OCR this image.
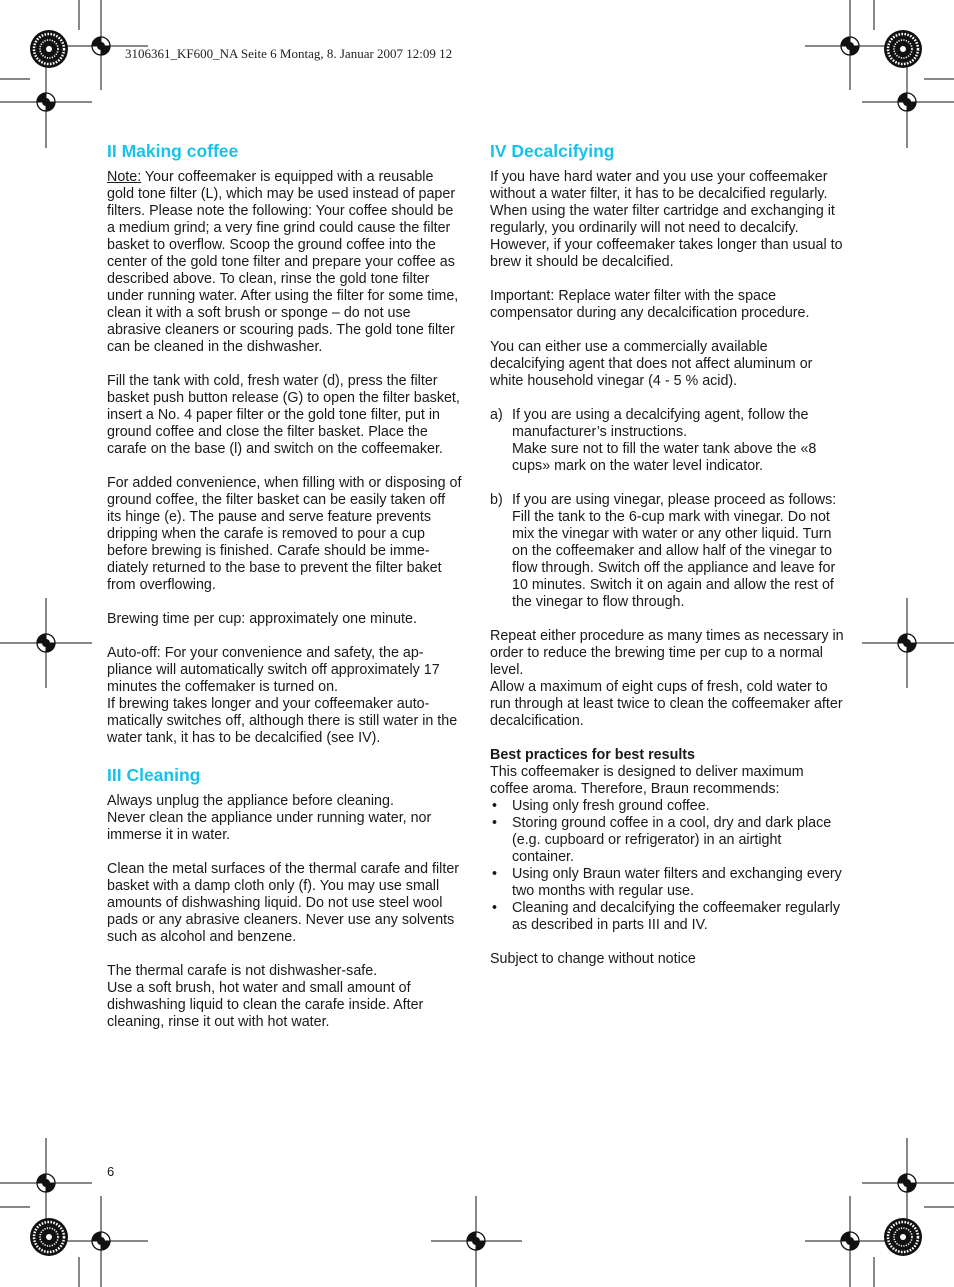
3106361_KF600_NA Seite 6 Montag, 8. Januar 2007 12:09 12
II Making coffee

Note: Your coffeemaker is equipped with a reusable gold tone filter (L), which may be used instead of paper filters. Please note the following: Your coffee should be a medium grind; a very fine grind could cause the filter basket to overflow. Scoop the ground coffee into the center of the gold tone filter and prepare your coffee as described above. To clean, rinse the gold tone filter under running water. After using the filter for some time, clean it with a soft brush or sponge – do not use abrasive cleaners or scouring pads. The gold tone filter can be cleaned in the dishwasher.

Fill the tank with cold, fresh water (d), press the filter basket push button release (G) to open the filter basket, insert a No. 4 paper filter or the gold tone filter, put in ground coffee and close the filter basket. Place the carafe on the base (l) and switch on the coffeemaker.

For added convenience, when filling with or disposing of ground coffee, the filter basket can be easily taken off its hinge (e). The pause and serve feature prevents dripping when the carafe is removed to pour a cup before brewing is finished. Carafe should be imme-diately returned to the base to prevent the filter baket from overflowing.

Brewing time per cup: approximately one minute.

Auto-off: For your convenience and safety, the ap-pliance will automatically switch off approximately 17 minutes the coffemaker is turned on.

If brewing takes longer and your coffeemaker auto-matically switches off, although there is still water in the water tank, it has to be decalcified (see IV).

III Cleaning

Always unplug the appliance before cleaning.

Never clean the appliance under running water, nor immerse it in water.

Clean the metal surfaces of the thermal carafe and filter basket with a damp cloth only (f). You may use small amounts of dishwashing liquid. Do not use steel wool pads or any abrasive cleaners. Never use any solvents such as alcohol and benzene.

The thermal carafe is not dishwasher-safe.

Use a soft brush, hot water and small amount of dishwashing liquid to clean the carafe inside. After cleaning, rinse it out with hot water.

IV Decalcifying

If you have hard water and you use your coffeemaker without a water filter, it has to be decalcified regularly. When using the water filter cartridge and exchanging it regularly, you ordinarily will not need to decalcify. However, if your coffeemaker takes longer than usual to brew it should be decalcified.

Important: Replace water filter with the space compensator during any decalcification procedure.

You can either use a commercially available decalcifying agent that does not affect aluminum or white household vinegar (4 - 5 % acid).

a) If you are using a decalcifying agent, follow the manufacturer’s instructions.
Make sure not to fill the water tank above the «8 cups» mark on the water level indicator.
b) If you are using vinegar, please proceed as follows:
Fill the tank to the 6-cup mark with vinegar. Do not mix the vinegar with water or any other liquid. Turn on the coffeemaker and allow half of the vinegar to flow through. Switch off the appliance and leave for 10 minutes. Switch it on again and allow the rest of the vinegar to flow through.

Repeat either procedure as many times as necessary in order to reduce the brewing time per cup to a normal level.

Allow a maximum of eight cups of fresh, cold water to run through at least twice to clean the coffeemaker after decalcification.

Best practices for best results

This coffeemaker is designed to deliver maximum coffee aroma. Therefore, Braun recommends:

• Using only fresh ground coffee.
• Storing ground coffee in a cool, dry and dark place (e.g. cupboard or refrigerator) in an airtight container.
• Using only Braun water filters and exchanging every two months with regular use.
• Cleaning and decalcifying the coffeemaker regularly as described in parts III and IV.

Subject to change without notice

6
